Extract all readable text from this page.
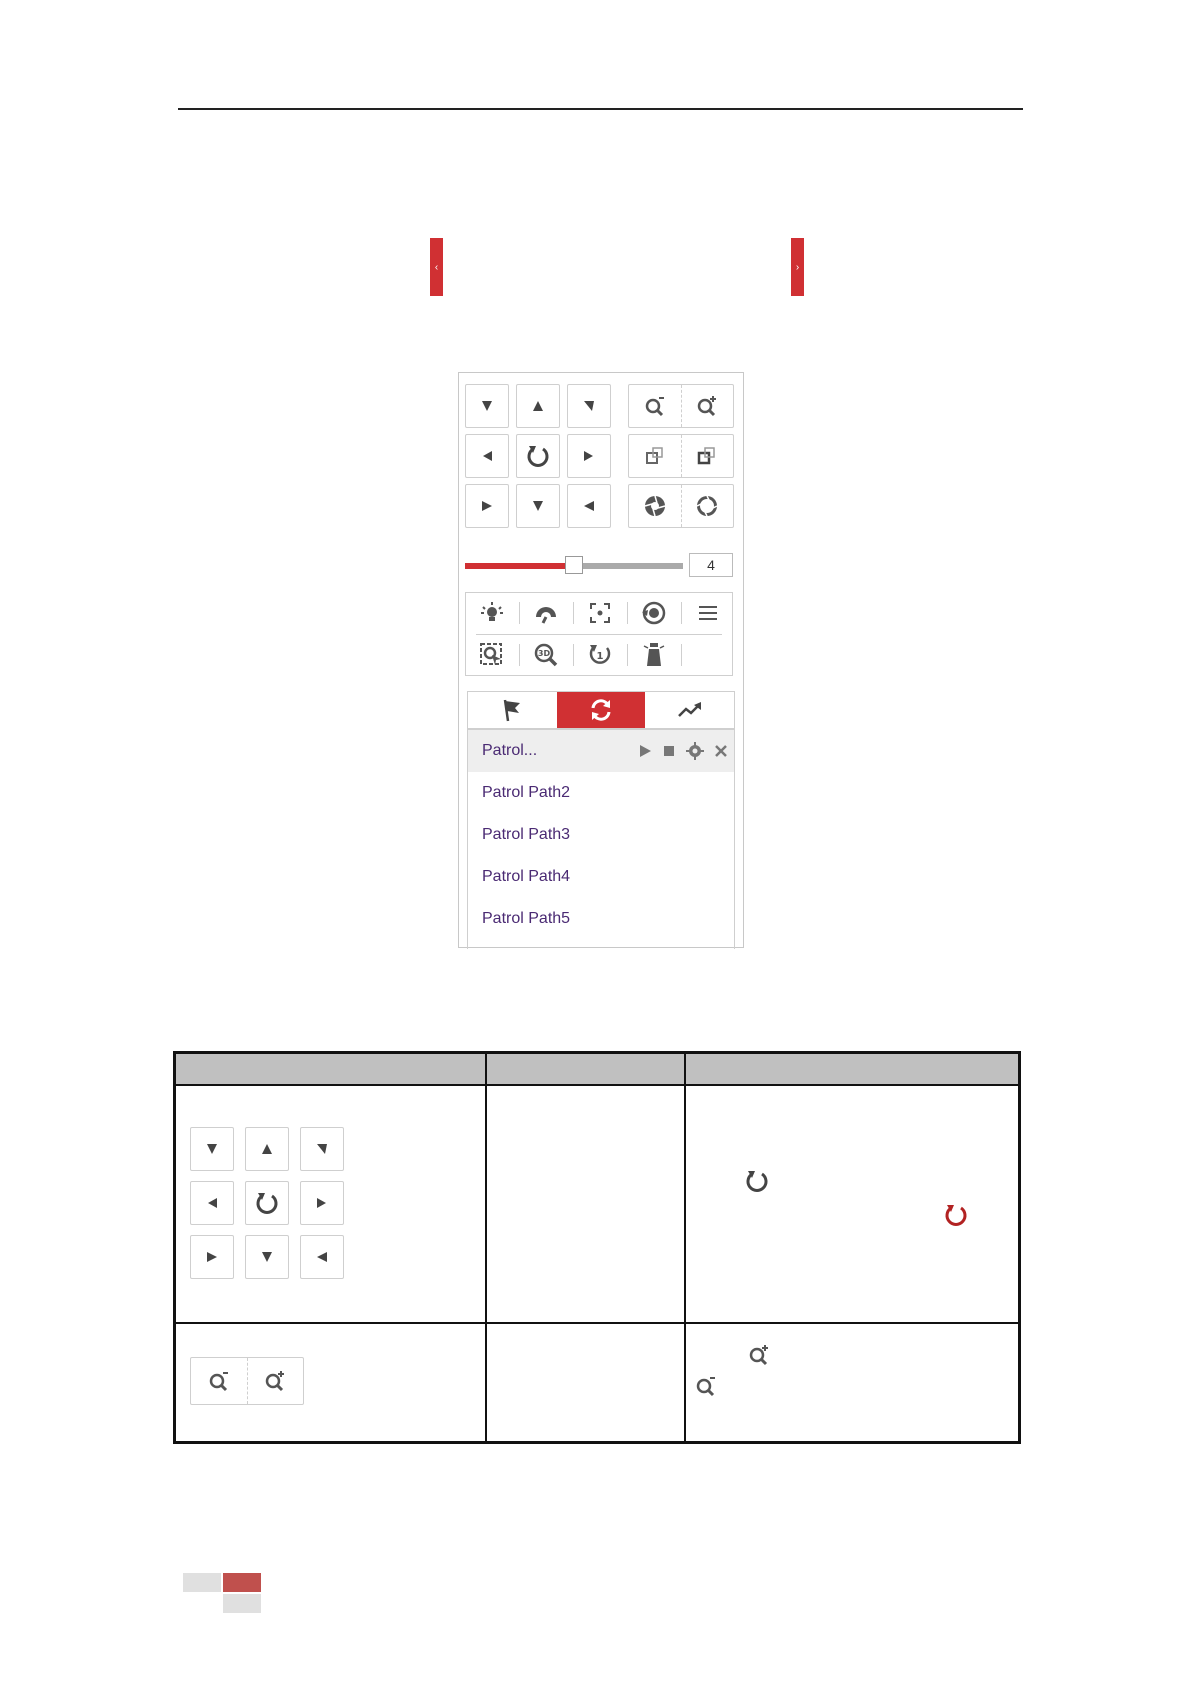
‹	›
4
3D	1
Patrol...
Patrol Path2
Patrol Path3
Patrol Path4
Patrol Path5
